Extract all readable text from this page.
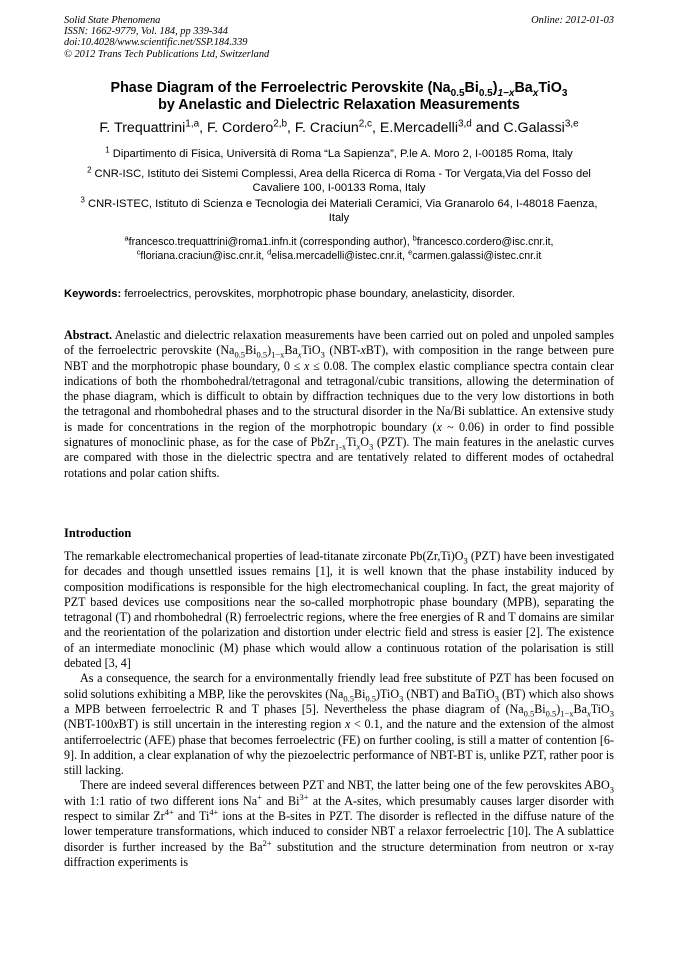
Solid State Phenomena
ISSN: 1662-9779, Vol. 184, pp 339-344
doi:10.4028/www.scientific.net/SSP.184.339
© 2012 Trans Tech Publications Ltd, Switzerland
Online: 2012-01-03
Phase Diagram of the Ferroelectric Perovskite $(Na_{0.5}Bi_{0.5})_{1-x}Ba_xTiO_3$
by Anelastic and Dielectric Relaxation Measurements
F. Trequattrini$^{1,a}$, F. Cordero$^{2,b}$, F. Craciun$^{2,c}$, E.Mercadelli$^{3,d}$ and C.Galassi$^{3,e}$
$^1$ Dipartimento di Fisica, Università di Roma “La Sapienza”, P.le A. Moro 2, I-00185 Roma, Italy
$^2$ CNR-ISC, Istituto dei Sistemi Complessi, Area della Ricerca di Roma - Tor Vergata,Via del Fosso del Cavaliere 100, I-00133 Roma, Italy
$^3$ CNR-ISTEC, Istituto di Scienza e Tecnologia dei Materiali Ceramici, Via Granarolo 64, I-48018 Faenza, Italy
$^a$francesco.trequattrini@roma1.infn.it (corresponding author), $^b$francesco.cordero@isc.cnr.it,
$^c$floriana.craciun@isc.cnr.it, $^d$elisa.mercadelli@istec.cnr.it, $^e$carmen.galassi@istec.cnr.it
Keywords: ferroelectrics, perovskites, morphotropic phase boundary, anelasticity, disorder.

Abstract. Anelastic and dielectric relaxation measurements have been carried out on poled and unpoled samples of the ferroelectric perovskite $(Na_{0.5}Bi_{0.5})_{1-x}Ba_xTiO_3$ (NBT-xBT), with composition in the range between pure NBT and the morphotropic phase boundary, 0 ≤ x ≤ 0.08. The complex elastic compliance spectra contain clear indications of both the rhombohedral/tetragonal and tetragonal/cubic transitions, allowing the determination of the phase diagram, which is difficult to obtain by diffraction techniques due to the very low distortions in both the tetragonal and rhombohedral phases and to the structural disorder in the Na/Bi sublattice. An extensive study is made for concentrations in the region of the morphotropic boundary (x ~ 0.06) in order to find possible signatures of monoclinic phase, as for the case of $PbZr_{1-x}Ti_xO_3$ (PZT). The main features in the anelastic curves are compared with those in the dielectric spectra and are tentatively related to different modes of octahedral rotations and polar cation shifts.

Introduction

The remarkable electromechanical properties of lead-titanate zirconate $Pb(Zr,Ti)O_3$ (PZT) have been investigated for decades and though unsettled issues remains [1], it is well known that the phase instability induced by composition modifications is responsible for the high electromechanical coupling. In fact, the great majority of PZT based devices use compositions near the so-called morphotropic phase boundary (MPB), separating the tetragonal (T) and rhombohedral (R) ferroelectric regions, where the free energies of R and T domains are similar and the reorientation of the polarization and distortion under electric field and stress is easier [2]. The existence of an intermediate monoclinic (M) phase which would allow a continuous rotation of the polarisation is still debated [3, 4]

As a consequence, the search for a environmentally friendly lead free substitute of PZT has been focused on solid solutions exhibiting a MBP, like the perovskites $(Na_{0.5}Bi_{0.5})TiO_3$ (NBT) and BaTiO$_3$ (BT) which also shows a MPB between ferroelectric R and T phases [5]. Nevertheless the phase diagram of $(Na_{0.5}Bi_{0.5})_{1-x}Ba_xTiO_3$ (NBT-100xBT) is still uncertain in the interesting region x < 0.1, and the nature and the extension of the almost antiferroelectric (AFE) phase that becomes ferroelectric (FE) on further cooling, is still a matter of contention [6-9]. In addition, a clear explanation of why the piezoelectric performance of NBT-BT is, unlike PZT, rather poor is still lacking.

There are indeed several differences between PZT and NBT, the latter being one of the few perovskites $ABO_3$ with 1:1 ratio of two different ions Na+ and $Bi^{3+}$ at the A-sites, which presumably causes larger disorder with respect to similar $Zr^{4+}$ and $Ti^{4+}$ ions at the B-sites in PZT. The disorder is reflected in the diffuse nature of the lower temperature transformations, which induced to consider NBT a relaxor ferroelectric [10]. The A sublattice disorder is further increased by the $Ba^{2+}$ substitution and the structure determination from neutron or x-ray diffraction experiments is
